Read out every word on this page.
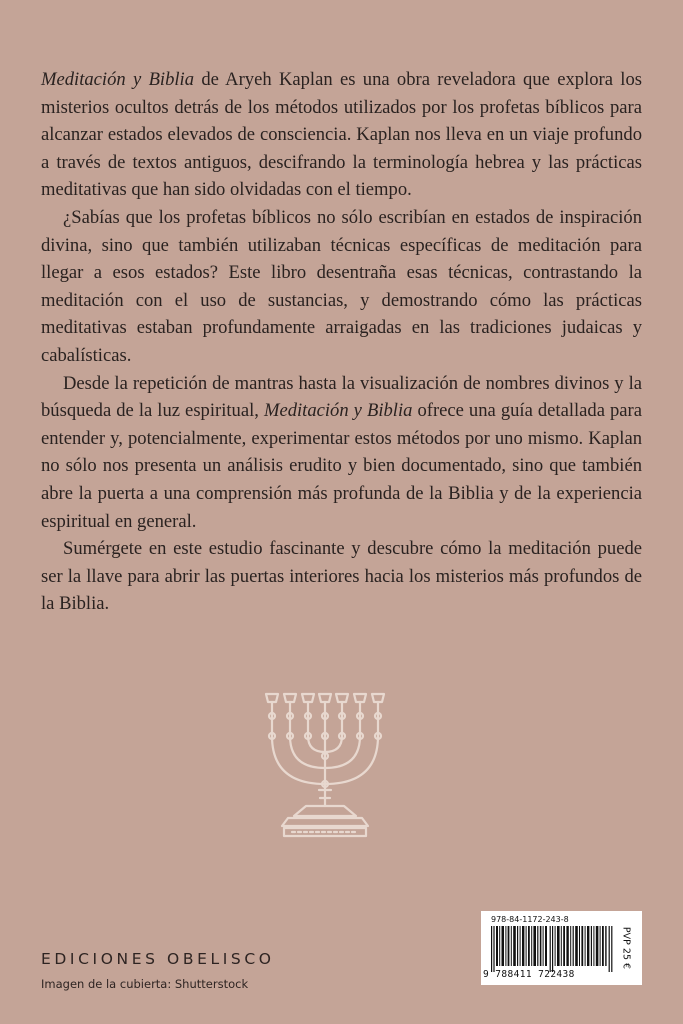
Meditación y Biblia de Aryeh Kaplan es una obra reveladora que explora los misterios ocultos detrás de los métodos utilizados por los profetas bíblicos para alcanzar estados elevados de consciencia. Kaplan nos lleva en un viaje profundo a través de textos antiguos, descifrando la terminología hebrea y las prácticas meditativas que han sido olvidadas con el tiempo.

¿Sabías que los profetas bíblicos no sólo escribían en estados de inspiración divina, sino que también utilizaban técnicas específicas de meditación para llegar a esos estados? Este libro desentraña esas técnicas, contrastando la meditación con el uso de sustancias, y demostrando cómo las prácticas meditativas estaban profundamente arraigadas en las tradiciones judaicas y cabalísticas.

Desde la repetición de mantras hasta la visualización de nombres divinos y la búsqueda de la luz espiritual, Meditación y Biblia ofrece una guía detallada para entender y, potencialmente, experimentar estos métodos por uno mismo. Kaplan no sólo nos presenta un análisis erudito y bien documentado, sino que también abre la puerta a una comprensión más profunda de la Biblia y de la experiencia espiritual en general.

Sumérgete en este estudio fascinante y descubre cómo la meditación puede ser la llave para abrir las puertas interiores hacia los misterios más profundos de la Biblia.

EDICIONES OBELISCO
Imagen de la cubierta: Shutterstock
978-84-1172-243-8
9 788411 722438
PVP 25 €
